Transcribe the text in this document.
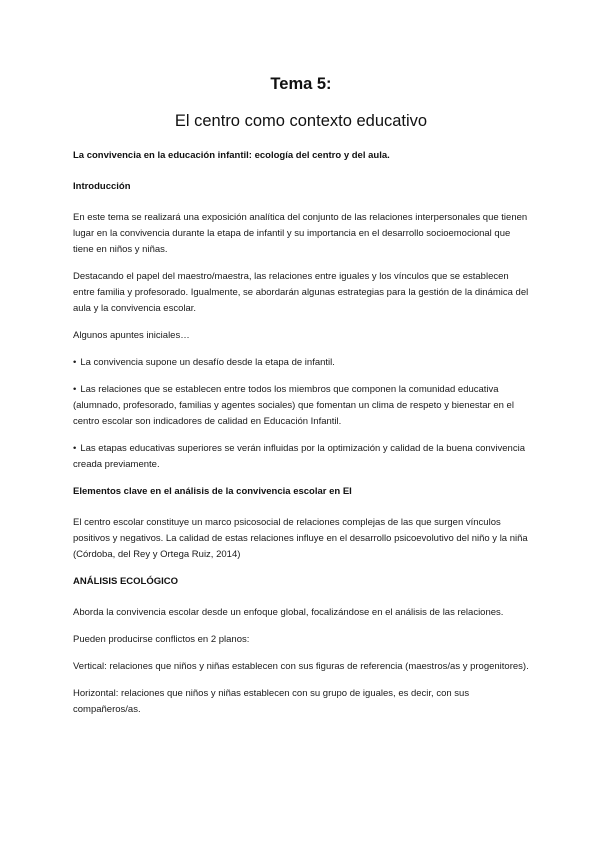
Tema 5:
El centro como contexto educativo

La convivencia en la educación infantil: ecología del centro y del aula.

Introducción

En este tema se realizará una exposición analítica del conjunto de las relaciones interpersonales que tienen lugar en la convivencia durante la etapa de infantil y su importancia en el desarrollo socioemocional que tiene en niños y niñas.

Destacando el papel del maestro/maestra, las relaciones entre iguales y los vínculos que se establecen entre familia y profesorado. Igualmente, se abordarán algunas estrategias para la gestión de la dinámica del aula y la convivencia escolar.

Algunos apuntes iniciales…

• La convivencia supone un desafío desde la etapa de infantil.

• Las relaciones que se establecen entre todos los miembros que componen la comunidad educativa (alumnado, profesorado, familias y agentes sociales) que fomentan un clima de respeto y bienestar en el centro escolar son indicadores de calidad en Educación Infantil.

• Las etapas educativas superiores se verán influidas por la optimización y calidad de la buena convivencia creada previamente.

Elementos clave en el análisis de la convivencia escolar en EI

El centro escolar constituye un marco psicosocial de relaciones complejas de las que surgen vínculos positivos y negativos. La calidad de estas relaciones influye en el desarrollo psicoevolutivo del niño y la niña (Córdoba, del Rey y Ortega Ruiz, 2014)

ANÁLISIS ECOLÓGICO

Aborda la convivencia escolar desde un enfoque global, focalizándose en el análisis de las relaciones.

Pueden producirse conflictos en 2 planos:

Vertical: relaciones que niños y niñas establecen con sus figuras de referencia (maestros/as y progenitores).

Horizontal: relaciones que niños y niñas establecen con su grupo de iguales, es decir, con sus compañeros/as.
